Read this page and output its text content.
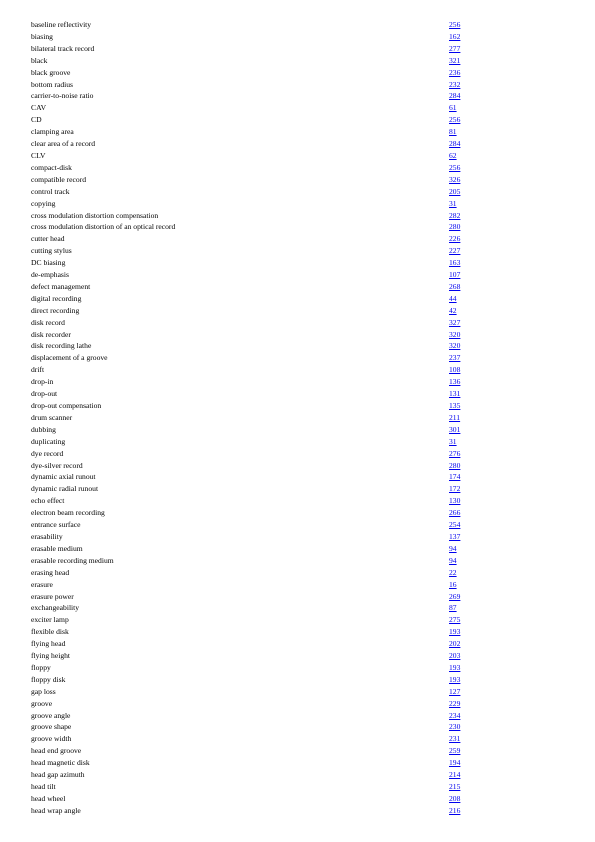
baseline reflectivity	256
biasing	162
bilateral track record	277
black	321
black groove	236
bottom radius	232
carrier-to-noise ratio	284
CAV	61
CD	256
clamping area	81
clear area of a record	284
CLV	62
compact-disk	256
compatible record	326
control track	205
copying	31
cross modulation distortion compensation	282
cross modulation distortion of an optical record	280
cutter head	226
cutting stylus	227
DC biasing	163
de-emphasis	107
defect management	268
digital recording	44
direct recording	42
disk record	327
disk recorder	320
disk recording lathe	320
displacement of a groove	237
drift	108
drop-in	136
drop-out	131
drop-out compensation	135
drum scanner	211
dubbing	301
duplicating	31
dye record	276
dye-silver record	280
dynamic axial runout	174
dynamic radial runout	172
echo effect	130
electron beam recording	266
entrance surface	254
erasability	137
erasable medium	94
erasable recording medium	94
erasing head	22
erasure	16
erasure power	269
exchangeability	87
exciter lamp	275
flexible disk	193
flying head	202
flying height	203
floppy	193
floppy disk	193
gap loss	127
groove	229
groove angle	234
groove shape	230
groove width	231
head end groove	259
head magnetic disk	194
head gap azimuth	214
head tilt	215
head wheel	208
head wrap angle	216
